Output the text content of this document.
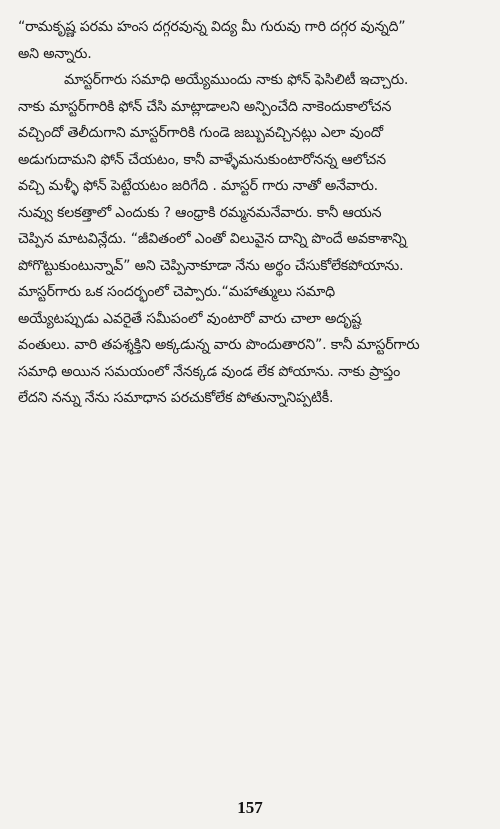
“రామకృష్ణ పరమ హంస దగ్గరవున్న విద్య మీ గురువు గారి దగ్గర వున్నది”
అని అన్నారు.
మాస్టర్‌గారు సమాధి అయ్యేముందు నాకు ఫోన్ ఫెసిలిటీ ఇచ్చారు.
నాకు మాస్టర్‌గారికి ఫోన్ చేసి మాట్లాడాలని అన్పించేది నాకెందుకాలోచన
వచ్చిందో తెలీదుగాని మాస్టర్‌గారికి గుండె జబ్బువచ్చినట్లు ఎలా వుందో
అడుగుదామని ఫోన్ చేయటం, కానీ వాళ్ళేమనుకుంటారోనన్న ఆలోచన
వచ్చి మళ్ళీ ఫోన్ పెట్టేయటం జరిగేది . మాస్టర్ గారు నాతో అనేవారు.
నువ్వు కలకత్తాలో ఎందుకు ? ఆంధ్రాకి రమ్మనమనేవారు. కానీ ఆయన
చెప్పిన మాటవిన్లేదు. “జీవితంలో ఎంతో విలువైన దాన్ని పొందే అవకాశాన్ని
పోగొట్టుకుంటున్నావ్” అని చెప్పినాకూడా నేను అర్థం చేసుకోలేకపోయాను.
మాస్టర్‌గారు ఒక సందర్భంలో చెప్పారు.“మహాత్ములు సమాధి
అయ్యేటప్పుడు ఎవరైతే సమీపంలో వుంటారో వారు చాలా అదృష్ట
వంతులు. వారి తపశ్శక్తిని అక్కడున్న వారు పొందుతారని”. కానీ మాస్టర్‌గారు
సమాధి అయిన సమయంలో నేనక్కడ వుండ లేక పోయాను. నాకు ప్రాప్తం
లేదని నన్ను నేను సమాధాన పరచుకోలేక పోతున్నానిప్పటికీ.
157
